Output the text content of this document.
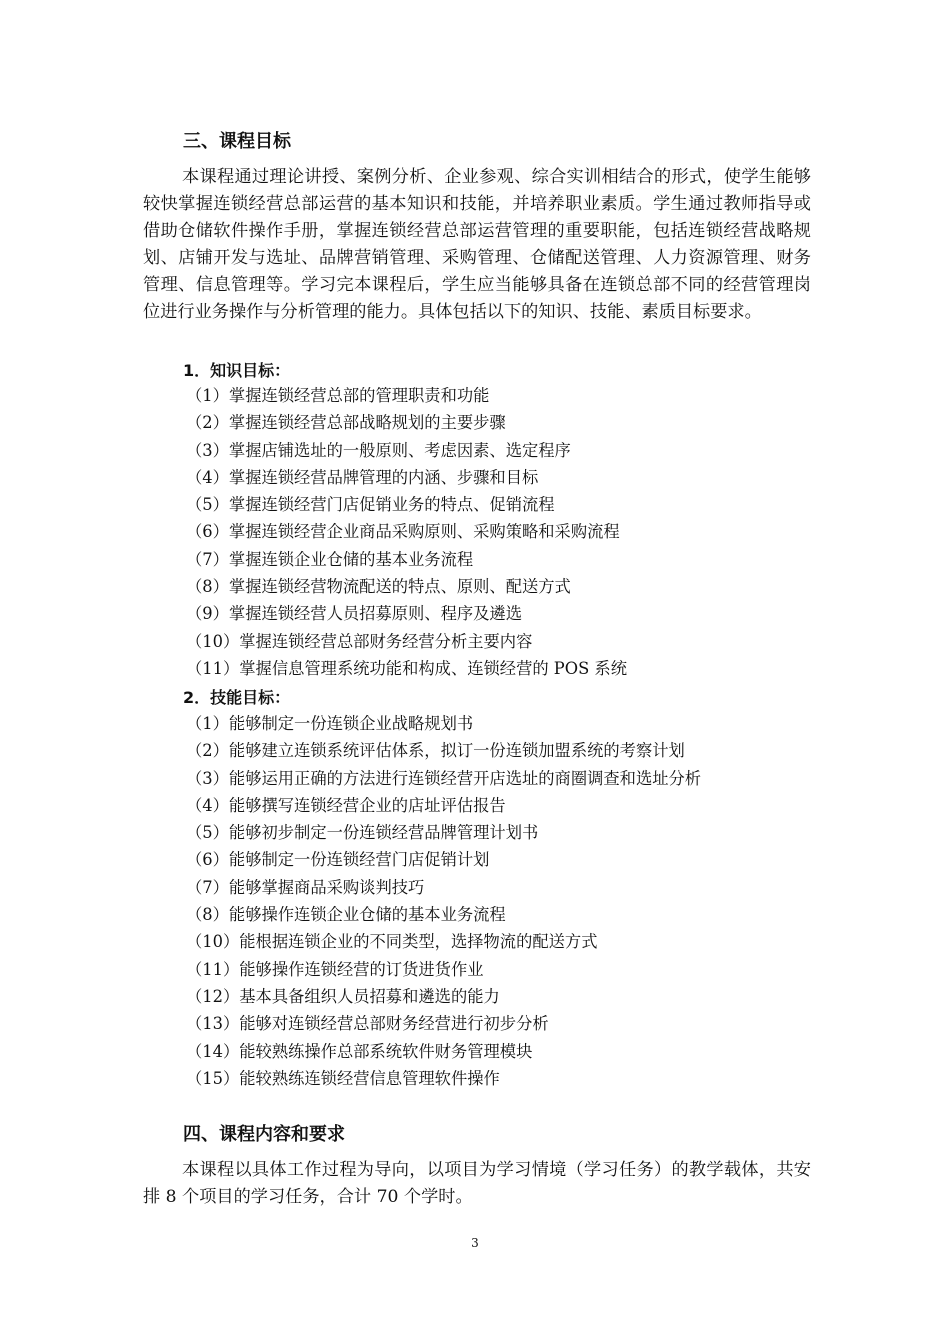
三、课程目标

本课程通过理论讲授、案例分析、企业参观、综合实训相结合的形式，使学生能够较快掌握连锁经营总部运营的基本知识和技能，并培养职业素质。学生通过教师指导或借助仓储软件操作手册，掌握连锁经营总部运营管理的重要职能，包括连锁经营战略规划、店铺开发与选址、品牌营销管理、采购管理、仓储配送管理、人力资源管理、财务管理、信息管理等。学习完本课程后，学生应当能够具备在连锁总部不同的经营管理岗位进行业务操作与分析管理的能力。具体包括以下的知识、技能、素质目标要求。

1．知识目标：
（1）掌握连锁经营总部的管理职责和功能
（2）掌握连锁经营总部战略规划的主要步骤
（3）掌握店铺选址的一般原则、考虑因素、选定程序
（4）掌握连锁经营品牌管理的内涵、步骤和目标
（5）掌握连锁经营门店促销业务的特点、促销流程
（6）掌握连锁经营企业商品采购原则、采购策略和采购流程
（7）掌握连锁企业仓储的基本业务流程
（8）掌握连锁经营物流配送的特点、原则、配送方式
（9）掌握连锁经营人员招募原则、程序及遴选
（10）掌握连锁经营总部财务经营分析主要内容
（11）掌握信息管理系统功能和构成、连锁经营的 POS 系统
2．技能目标：
（1）能够制定一份连锁企业战略规划书
（2）能够建立连锁系统评估体系，拟订一份连锁加盟系统的考察计划
（3）能够运用正确的方法进行连锁经营开店选址的商圈调查和选址分析
（4）能够撰写连锁经营企业的店址评估报告
（5）能够初步制定一份连锁经营品牌管理计划书
（6）能够制定一份连锁经营门店促销计划
（7）能够掌握商品采购谈判技巧
（8）能够操作连锁企业仓储的基本业务流程
（10）能根据连锁企业的不同类型，选择物流的配送方式
（11）能够操作连锁经营的订货进货作业
（12）基本具备组织人员招募和遴选的能力
（13）能够对连锁经营总部财务经营进行初步分析
（14）能较熟练操作总部系统软件财务管理模块
（15）能较熟练连锁经营信息管理软件操作
四、课程内容和要求

本课程以具体工作过程为导向，以项目为学习情境（学习任务）的教学载体，共安排 8 个项目的学习任务，合计 70 个学时。

3
